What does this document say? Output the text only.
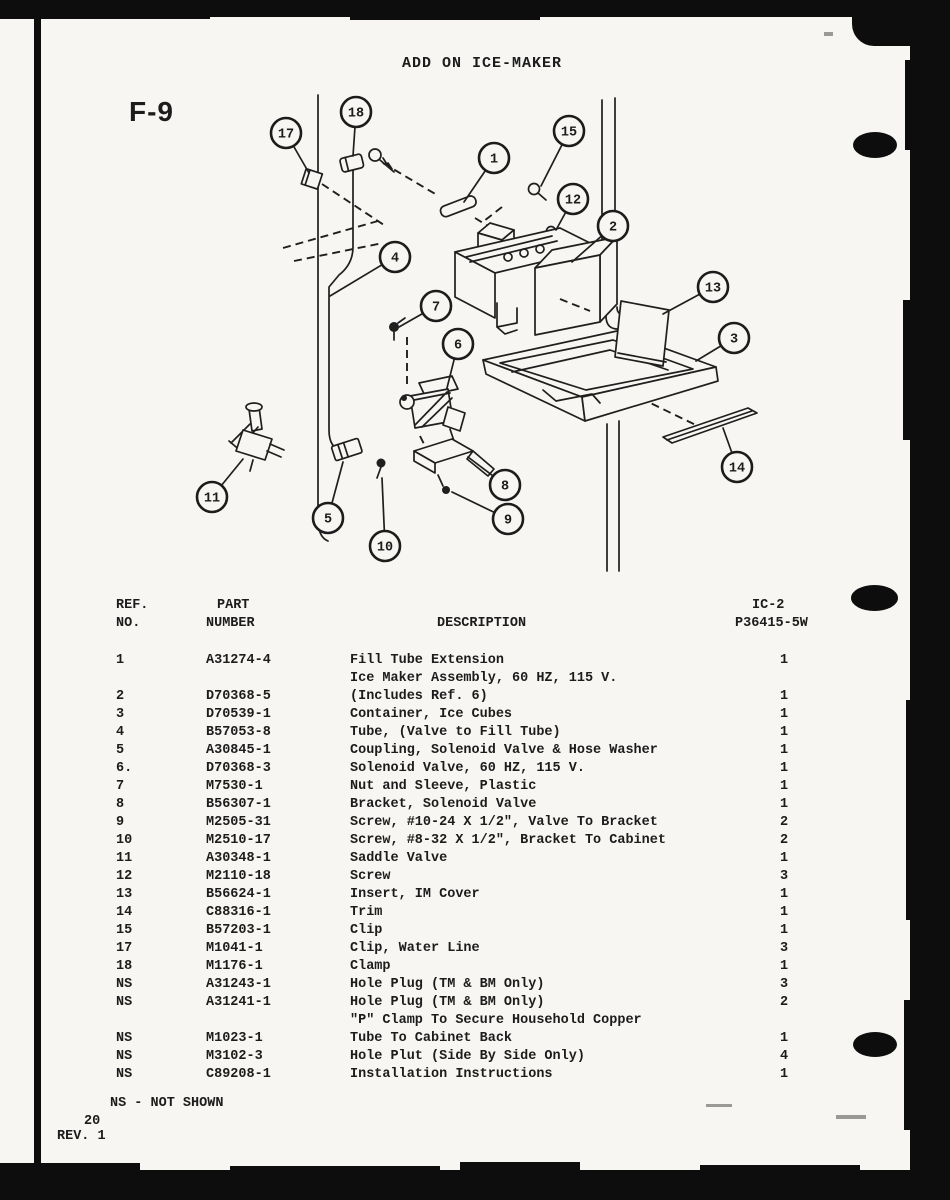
ADD ON ICE-MAKER
F-9
17
18
1
15
12
2
4
7
6
13
3
11
5
10
8
9
14
REF.
NO.
PART
NUMBER	DESCRIPTION
IC-2
P36415-5W
1	A31274-4	Fill Tube Extension	1
2	D70368-5
Ice Maker Assembly, 60 HZ, 115 V.
(Includes Ref. 6)	1
3	D70539-1	Container, Ice Cubes	1
4	B57053-8	Tube, (Valve to Fill Tube)	1
5	A30845-1	Coupling, Solenoid Valve & Hose Washer	1
6.	D70368-3	Solenoid Valve, 60 HZ, 115 V.	1
7	M7530-1	Nut and Sleeve, Plastic	1
8	B56307-1	Bracket, Solenoid Valve	1
9	M2505-31	Screw, #10-24 X 1/2", Valve To Bracket	2
10	M2510-17	Screw, #8-32 X 1/2", Bracket To Cabinet	2
11	A30348-1	Saddle Valve	1
12	M2110-18	Screw	3
13	B56624-1	Insert, IM Cover	1
14	C88316-1	Trim	1
15	B57203-1	Clip	1
17	M1041-1	Clip, Water Line	3
18	M1176-1	Clamp	1
NS	A31243-1	Hole Plug (TM & BM Only)	3
NS	A31241-1	Hole Plug (TM & BM Only)	2
NS	M1023-1
"P" Clamp To Secure Household Copper
Tube To Cabinet Back	1
NS	M3102-3	Hole Plut (Side By Side Only)	4
NS	C89208-1	Installation Instructions	1
NS - NOT SHOWN
20
REV. 1
